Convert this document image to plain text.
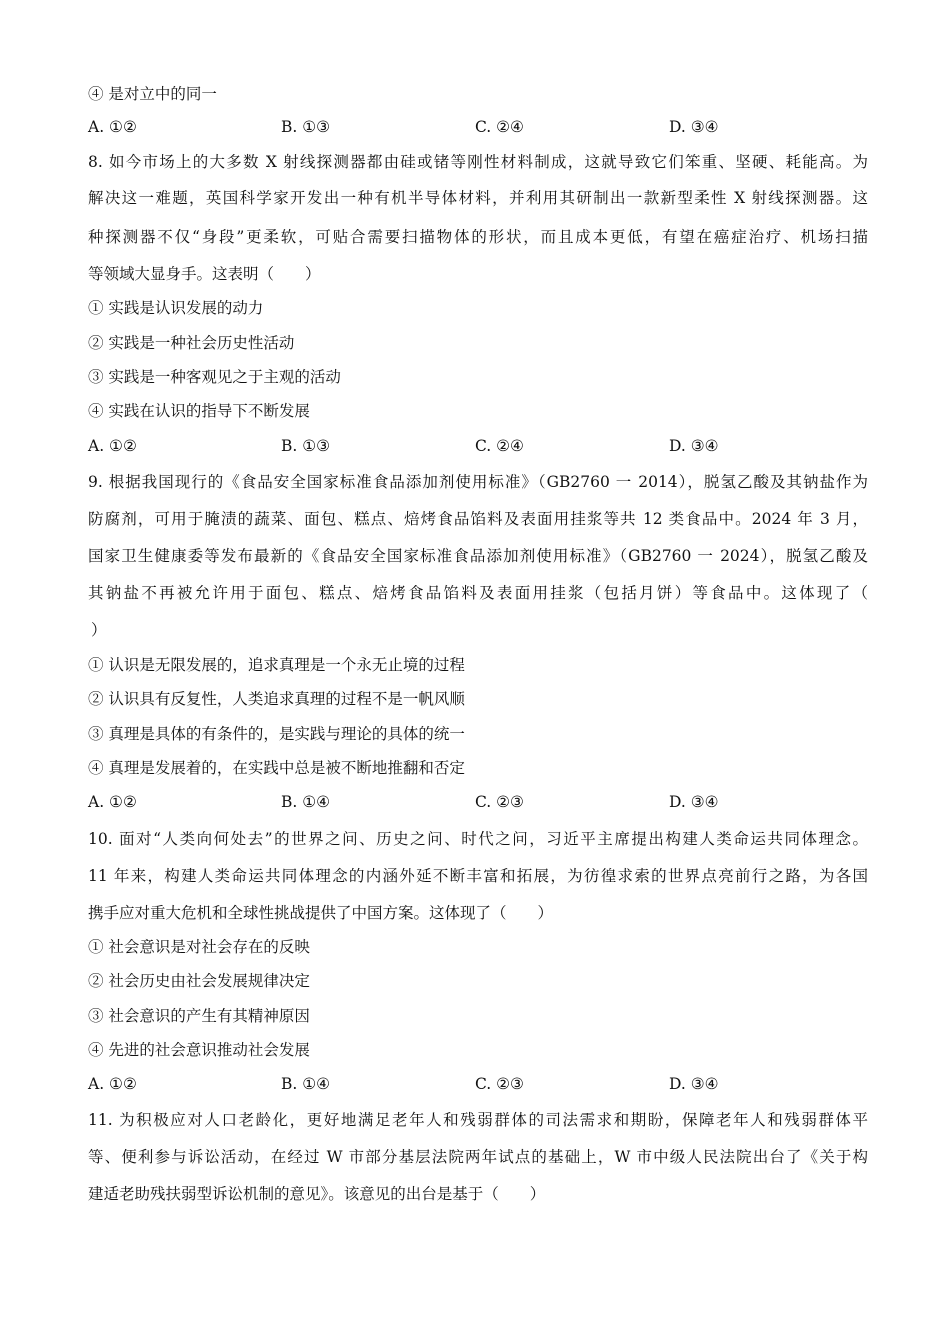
④ 是对立中的同一
A. ①②	B. ①③	C. ②④	D. ③④
8. 如今市场上的大多数 X 射线探测器都由硅或锗等刚性材料制成，这就导致它们笨重、坚硬、耗能高。为
解决这一难题，英国科学家开发出一种有机半导体材料，并利用其研制出一款新型柔性 X 射线探测器。这
种探测器不仅“身段”更柔软，可贴合需要扫描物体的形状，而且成本更低，有望在癌症治疗、机场扫描
等领域大显身手。这表明（　　）
① 实践是认识发展的动力
② 实践是一种社会历史性活动
③ 实践是一种客观见之于主观的活动
④ 实践在认识的指导下不断发展
A. ①②	B. ①③	C. ②④	D. ③④
9. 根据我国现行的《食品安全国家标准食品添加剂使用标准》（GB2760 一 2014），脱氢乙酸及其钠盐作为
防腐剂，可用于腌渍的蔬菜、面包、糕点、焙烤食品馅料及表面用挂浆等共 12 类食品中。2024 年 3 月，
国家卫生健康委等发布最新的《食品安全国家标准食品添加剂使用标准》（GB2760 一 2024），脱氢乙酸及
其钠盐不再被允许用于面包、糕点、焙烤食品馅料及表面用挂浆（包括月饼）等食品中。这体现了（
）
① 认识是无限发展的，追求真理是一个永无止境的过程
② 认识具有反复性，人类追求真理的过程不是一帆风顺
③ 真理是具体的有条件的，是实践与理论的具体的统一
④ 真理是发展着的，在实践中总是被不断地推翻和否定
A. ①②	B. ①④	C. ②③	D. ③④
10. 面对“人类向何处去”的世界之问、历史之问、时代之问，习近平主席提出构建人类命运共同体理念。
11 年来，构建人类命运共同体理念的内涵外延不断丰富和拓展，为彷徨求索的世界点亮前行之路，为各国
携手应对重大危机和全球性挑战提供了中国方案。这体现了（　　）
① 社会意识是对社会存在的反映
② 社会历史由社会发展规律决定
③ 社会意识的产生有其精神原因
④ 先进的社会意识推动社会发展
A. ①②	B. ①④	C. ②③	D. ③④
11. 为积极应对人口老龄化，更好地满足老年人和残弱群体的司法需求和期盼，保障老年人和残弱群体平
等、便利参与诉讼活动，在经过 W 市部分基层法院两年试点的基础上，W 市中级人民法院出台了《关于构
建适老助残扶弱型诉讼机制的意见》。该意见的出台是基于（　　）
